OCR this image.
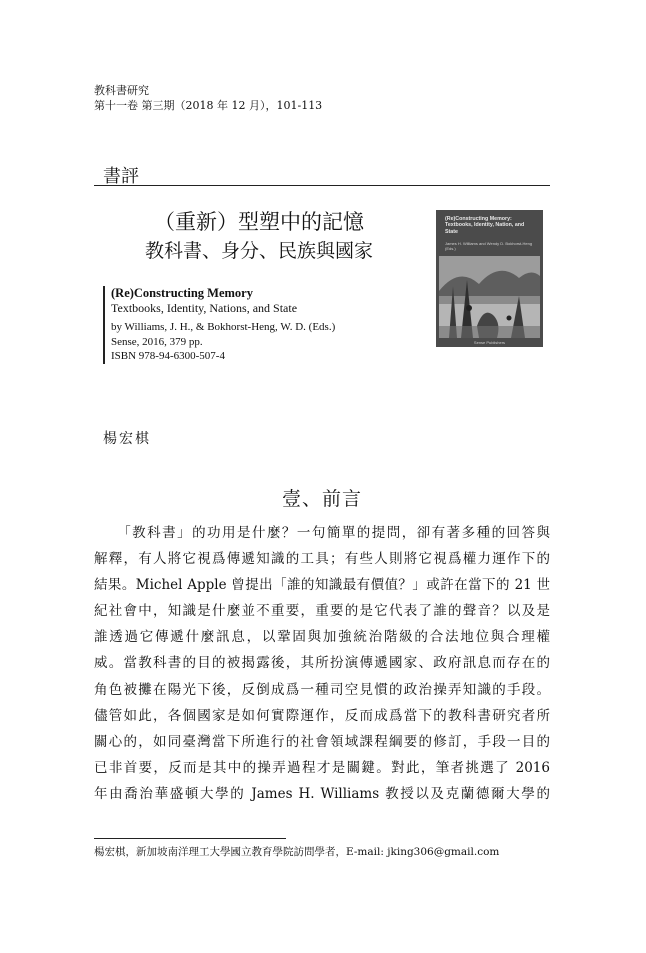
教科書研究
第十一卷 第三期（2018 年 12 月），101-113
書評
（重新）型塑中的記憶
教科書、身分、民族與國家
(Re)Constructing Memory
Textbooks, Identity, Nations, and State
by Williams, J. H., & Bokhorst-Heng, W. D. (Eds.)
Sense, 2016, 379 pp.
ISBN 978-94-6300-507-4
(Re)Constructing Memory: Textbooks, Identity, Nation, and State
James H. Williams and Wendy D. Bokhorst-Heng (Eds.)
Sense Publishers
楊宏棋
壹、前言
　　「教科書」的功用是什麼？一句簡單的提問，卻有著多種的回答與
解釋，有人將它視爲傳遞知識的工具；有些人則將它視爲權力運作下的
結果。Michel Apple 曾提出「誰的知識最有價值？」或許在當下的 21 世
紀社會中，知識是什麼並不重要，重要的是它代表了誰的聲音？以及是
誰透過它傳遞什麼訊息，以鞏固與加強統治階級的合法地位與合理權
威。當教科書的目的被揭露後，其所扮演傳遞國家、政府訊息而存在的
角色被攤在陽光下後，反倒成爲一種司空見慣的政治操弄知識的手段。
儘管如此，各個國家是如何實際運作，反而成爲當下的教科書研究者所
關心的，如同臺灣當下所進行的社會領域課程綱要的修訂，手段一目的
已非首要，反而是其中的操弄過程才是關鍵。對此，筆者挑選了 2016
年由喬治華盛頓大學的 James H. Williams 教授以及克蘭德爾大學的
楊宏棋，新加坡南洋理工大學國立教育學院訪問學者，E-mail: jking306@gmail.com
